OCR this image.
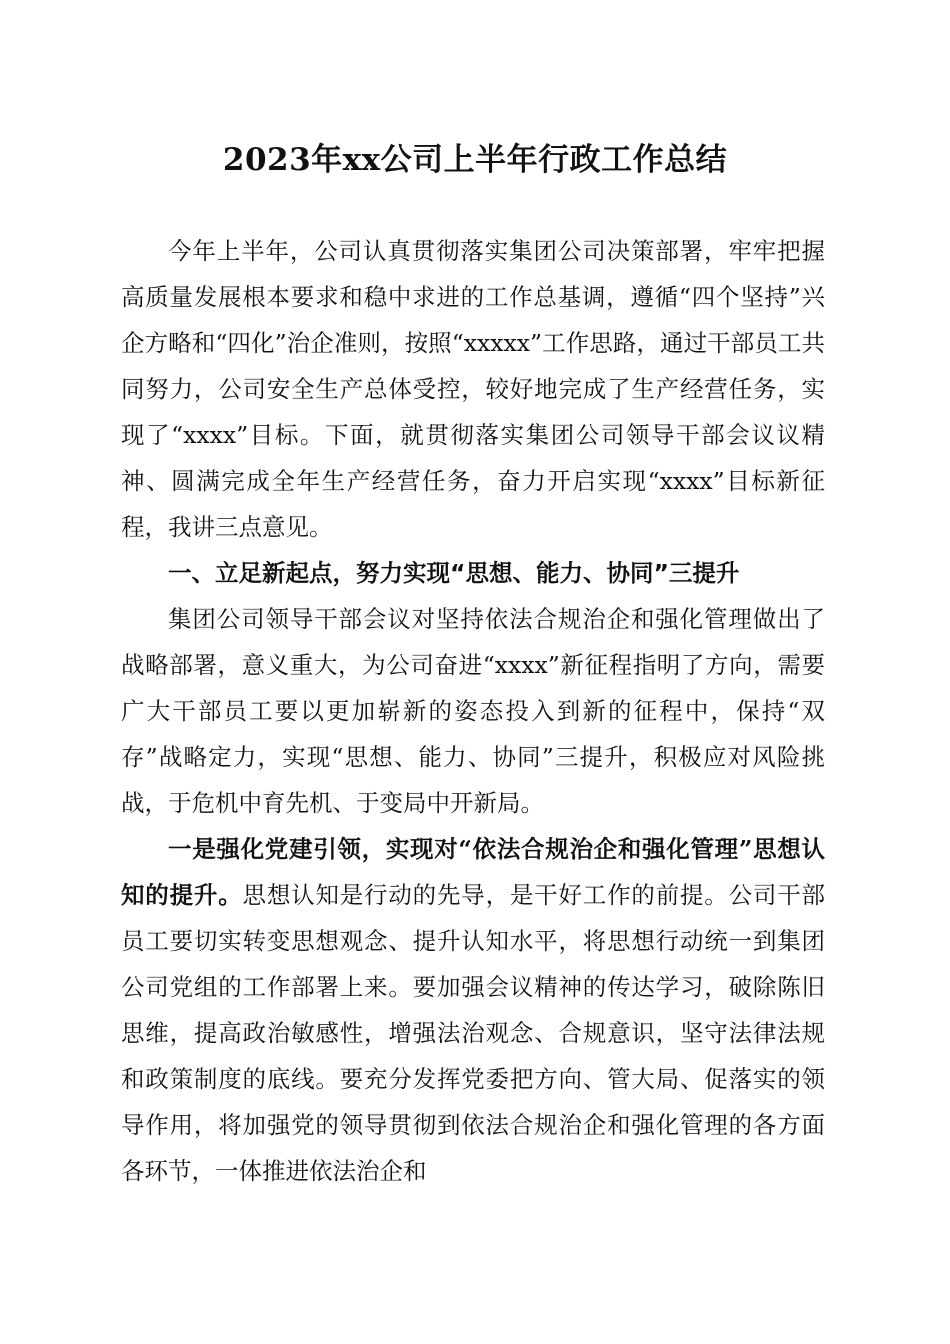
2023年xx公司上半年行政工作总结

今年上半年，公司认真贯彻落实集团公司决策部署，牢牢把握高质量发展根本要求和稳中求进的工作总基调，遵循“四个坚持”兴企方略和“四化”治企准则，按照“xxxxx”工作思路，通过干部员工共同努力，公司安全生产总体受控，较好地完成了生产经营任务，实现了“xxxx”目标。下面，就贯彻落实集团公司领导干部会议议精神、圆满完成全年生产经营任务，奋力开启实现“xxxx”目标新征程，我讲三点意见。

一、立足新起点，努力实现“思想、能力、协同”三提升

集团公司领导干部会议对坚持依法合规治企和强化管理做出了战略部署，意义重大，为公司奋进“xxxx”新征程指明了方向，需要广大干部员工要以更加崭新的姿态投入到新的征程中，保持“双存”战略定力，实现“思想、能力、协同”三提升，积极应对风险挑战，于危机中育先机、于变局中开新局。

一是强化党建引领，实现对“依法合规治企和强化管理”思想认知的提升。思想认知是行动的先导，是干好工作的前提。公司干部员工要切实转变思想观念、提升认知水平，将思想行动统一到集团公司党组的工作部署上来。要加强会议精神的传达学习，破除陈旧思维，提高政治敏感性，增强法治观念、合规意识，坚守法律法规和政策制度的底线。要充分发挥党委把方向、管大局、促落实的领导作用，将加强党的领导贯彻到依法合规治企和强化管理的各方面各环节，一体推进依法治企和
